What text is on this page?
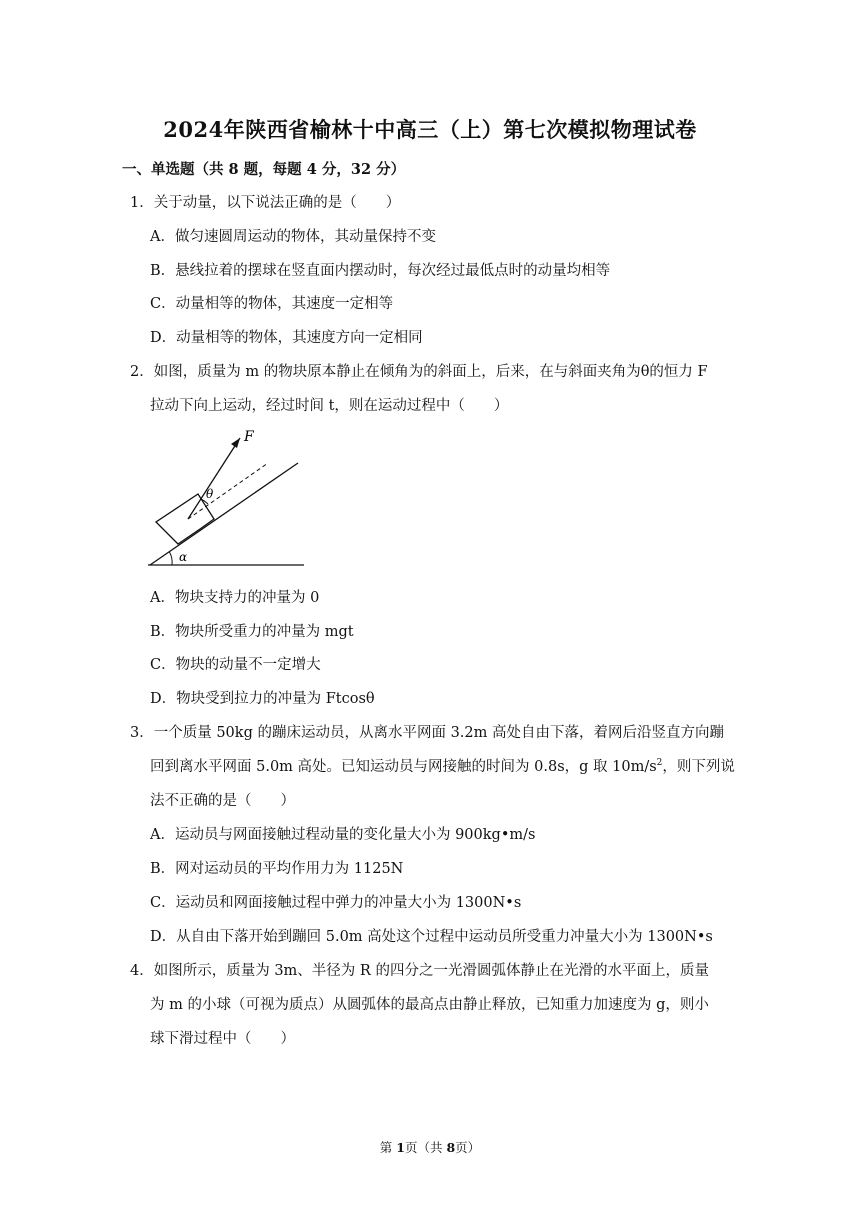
2024年陕西省榆林十中高三（上）第七次模拟物理试卷
一、单选题（共 8 题，每题 4 分，32 分）
1．关于动量，以下说法正确的是（　　）
A．做匀速圆周运动的物体，其动量保持不变
B．悬线拉着的摆球在竖直面内摆动时，每次经过最低点时的动量均相等
C．动量相等的物体，其速度一定相等
D．动量相等的物体，其速度方向一定相同
2．如图，质量为 m 的物块原本静止在倾角为的斜面上，后来，在与斜面夹角为θ的恒力 F
拉动下向上运动，经过时间 t，则在运动过程中（　　）
F
θ
α
A．物块支持力的冲量为 0
B．物块所受重力的冲量为 mgt
C．物块的动量不一定增大
D．物块受到拉力的冲量为 Ftcosθ
3．一个质量 50kg 的蹦床运动员，从离水平网面 3.2m 高处自由下落，着网后沿竖直方向蹦
回到离水平网面 5.0m 高处。已知运动员与网接触的时间为 0.8s，g 取 $10m/s^2$，则下列说
法不正确的是（　　）
A．运动员与网面接触过程动量的变化量大小为 900kg•m/s
B．网对运动员的平均作用力为 1125N
C．运动员和网面接触过程中弹力的冲量大小为 1300N•s
D．从自由下落开始到蹦回 5.0m 高处这个过程中运动员所受重力冲量大小为 1300N•s
4．如图所示，质量为 3m、半径为 R 的四分之一光滑圆弧体静止在光滑的水平面上，质量
为 m 的小球（可视为质点）从圆弧体的最高点由静止释放，已知重力加速度为 g，则小
球下滑过程中（　　）
第 1页（共 8页）
